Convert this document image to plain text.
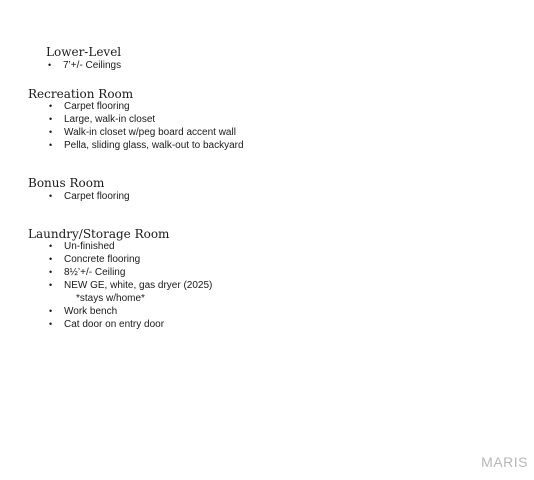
Lower-Level
• 7’+/- Ceilings
Recreation Room
• Carpet flooring
• Large, walk-in closet
• Walk-in closet w/peg board accent wall
• Pella, sliding glass, walk-out to backyard
Bonus Room
• Carpet flooring
Laundry/Storage Room
• Un-finished
• Concrete flooring
• 8½’+/- Ceiling
• NEW GE, white, gas dryer (2025)
*stays w/home*
• Work bench
• Cat door on entry door
MARIS
